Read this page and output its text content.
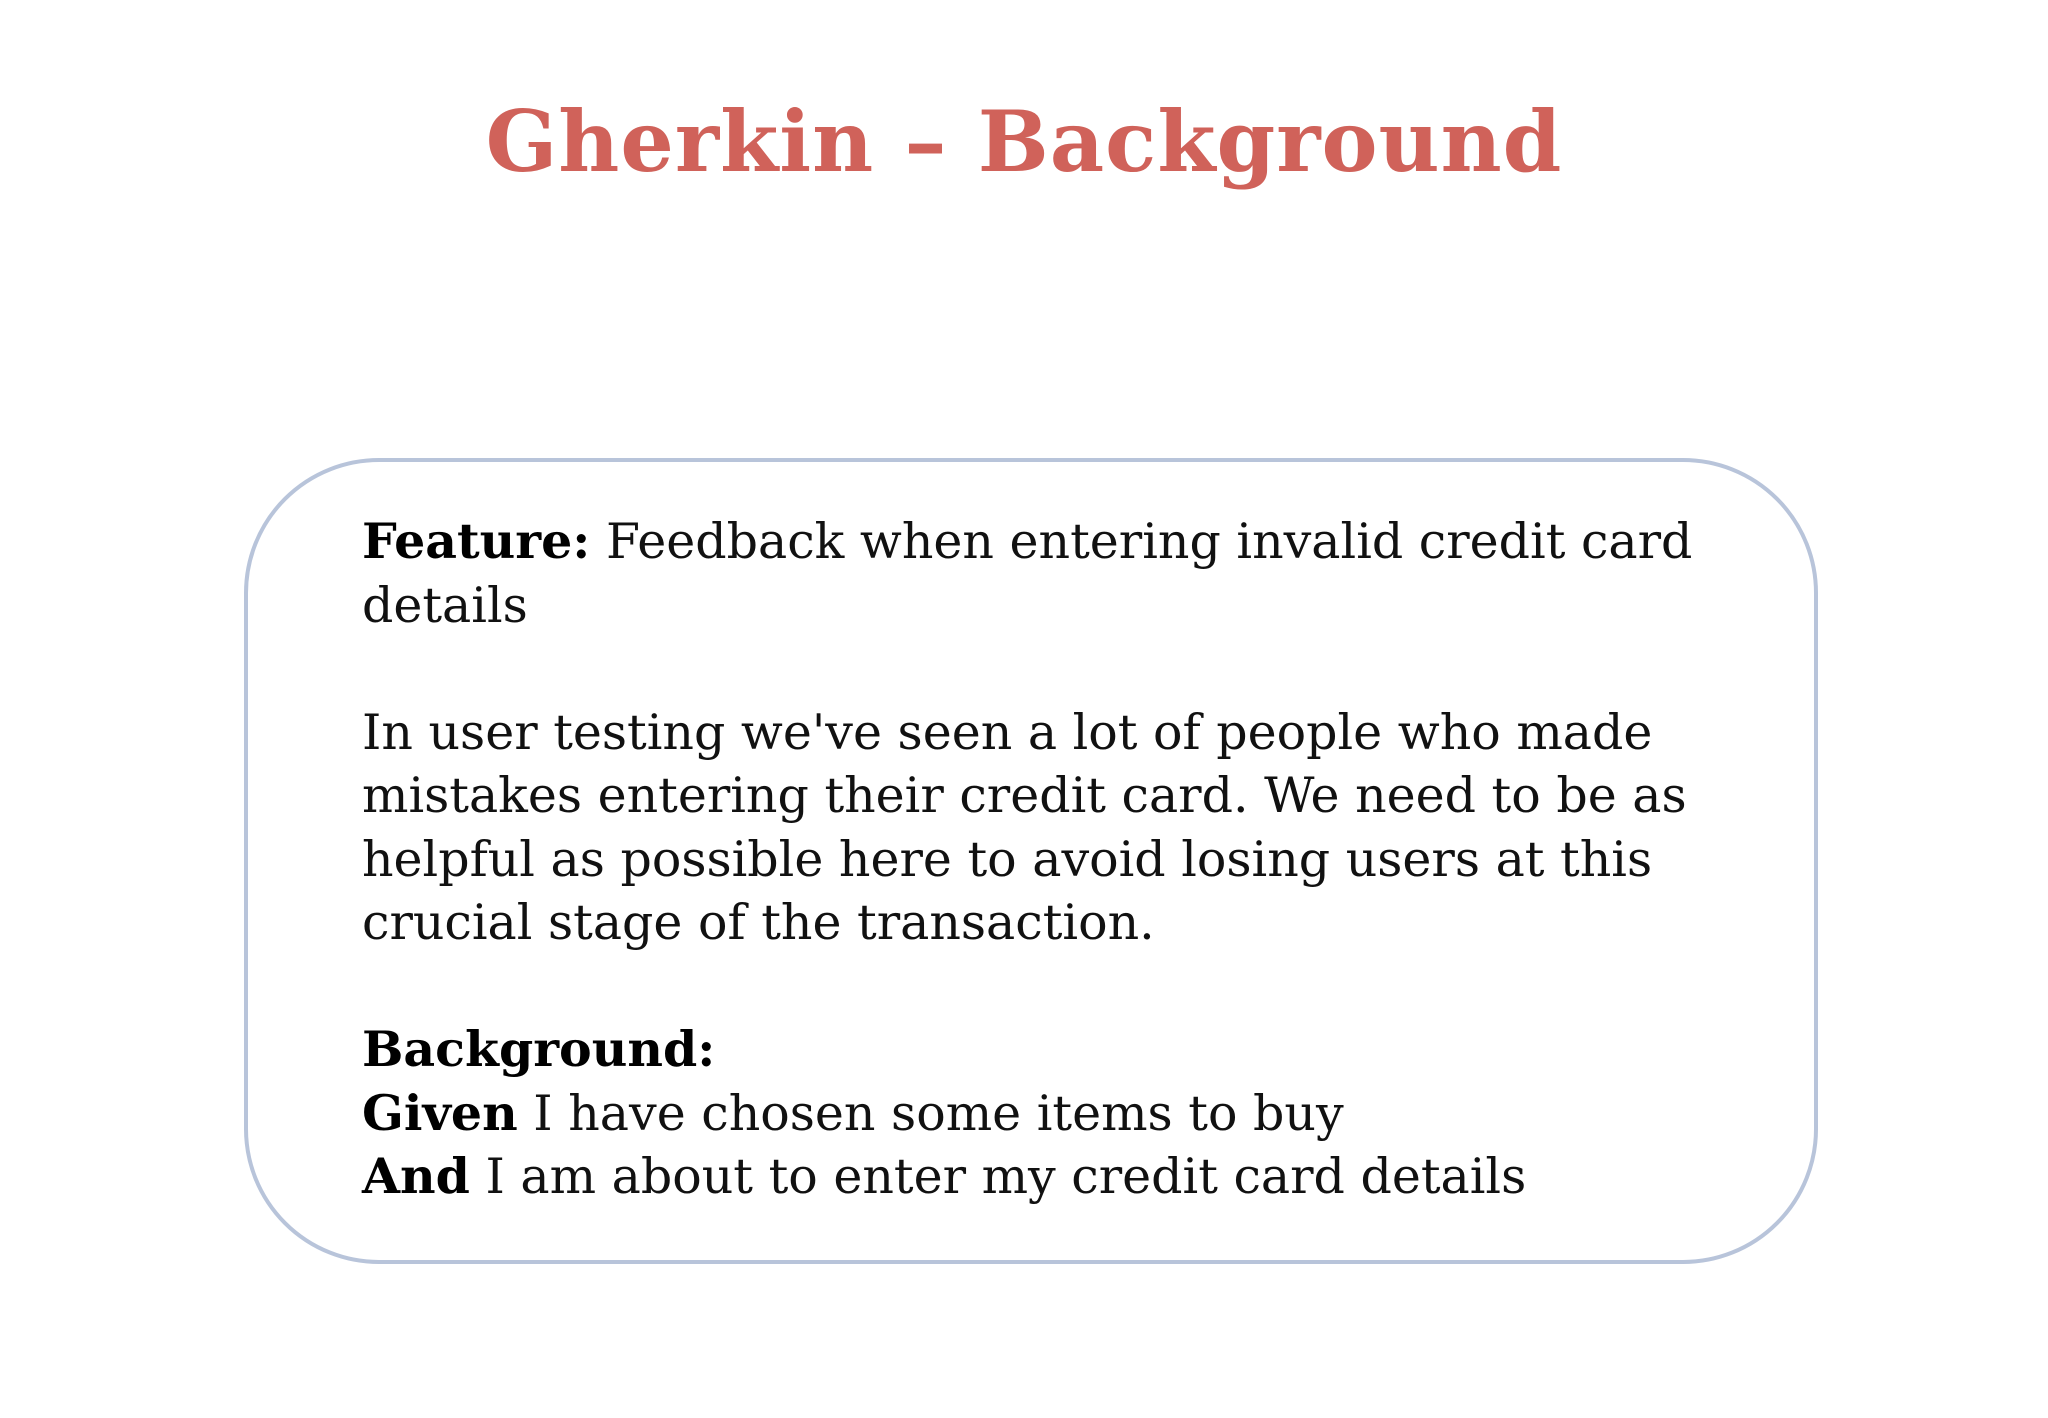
Gherkin – Background

Feature: Feedback when entering invalid credit card details

In user testing we've seen a lot of people who made mistakes entering their credit card. We need to be as helpful as possible here to avoid losing users at this crucial stage of the transaction.

Background:

Given I have chosen some items to buy

And I am about to enter my credit card details
